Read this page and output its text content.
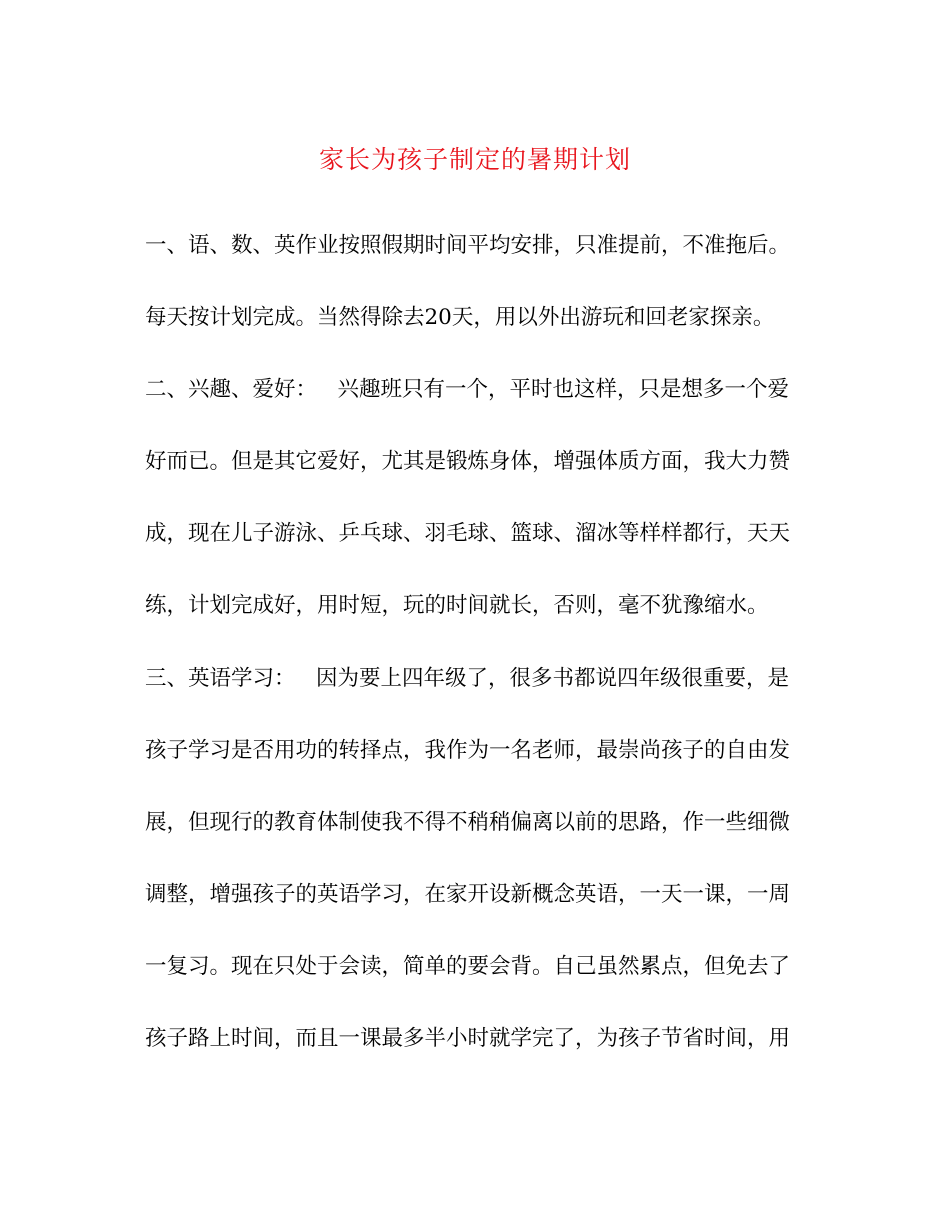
家长为孩子制定的暑期计划
一、语、数、英作业按照假期时间平均安排，只准提前，不准拖后。
每天按计划完成。当然得除去20天，用以外出游玩和回老家探亲。
二、兴趣、爱好：   兴趣班只有一个，平时也这样，只是想多一个爱
好而已。但是其它爱好，尤其是锻炼身体，增强体质方面，我大力赞
成，现在儿子游泳、乒乓球、羽毛球、篮球、溜冰等样样都行，天天
练，计划完成好，用时短，玩的时间就长，否则，毫不犹豫缩水。
三、英语学习：   因为要上四年级了，很多书都说四年级很重要，是
孩子学习是否用功的转择点，我作为一名老师，最崇尚孩子的自由发
展，但现行的教育体制使我不得不稍稍偏离以前的思路，作一些细微
调整，增强孩子的英语学习，在家开设新概念英语，一天一课，一周
一复习。现在只处于会读，简单的要会背。自己虽然累点，但免去了
孩子路上时间，而且一课最多半小时就学完了，为孩子节省时间，用
